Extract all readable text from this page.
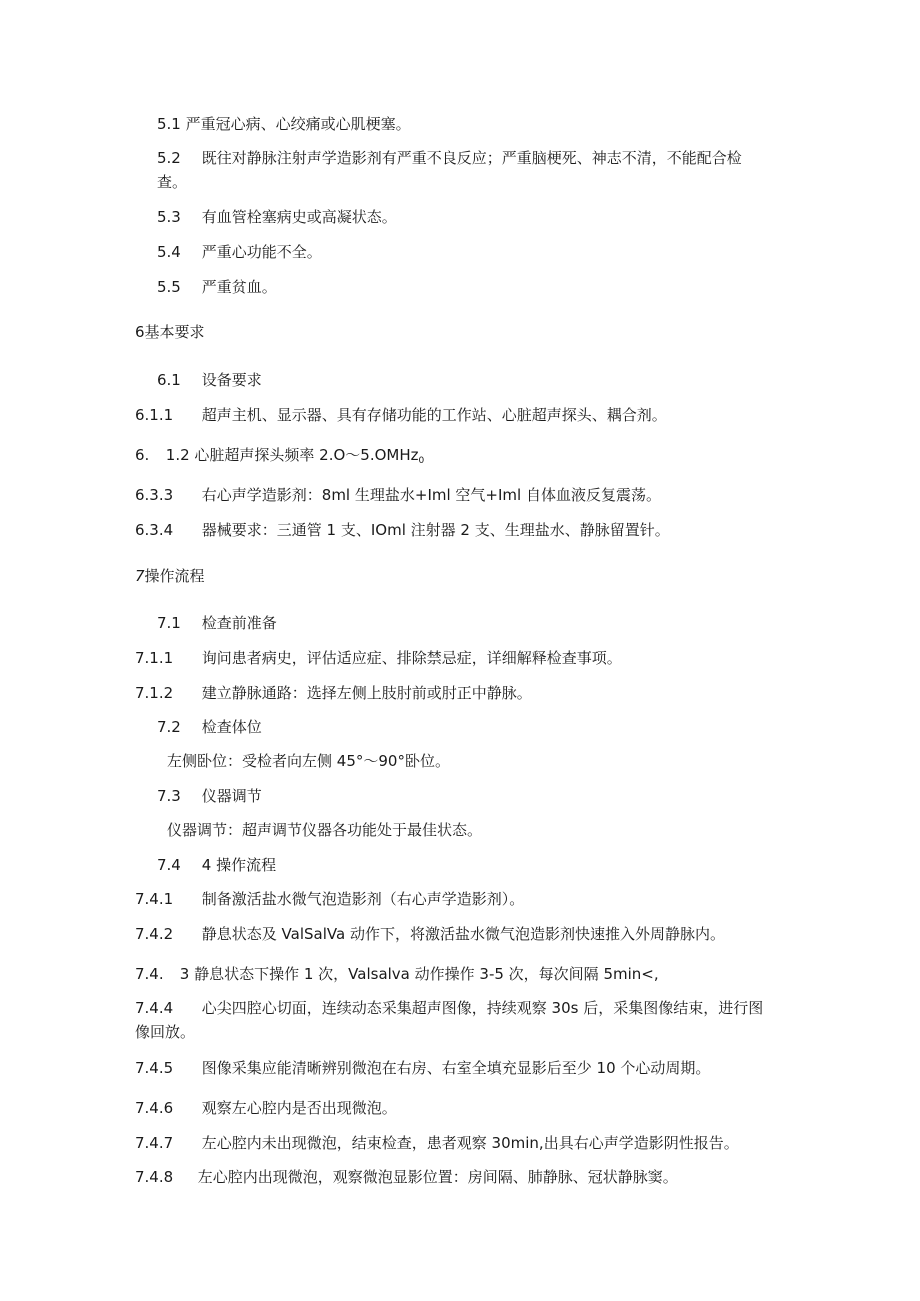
5.1 严重冠心病、心绞痛或心肌梗塞。
5.2 既往对静脉注射声学造影剂有严重不良反应；严重脑梗死、神志不清，不能配合检
查。
5.3 有血管栓塞病史或高凝状态。
5.4 严重心功能不全。
5.5 严重贫血。
6基本要求
6.1 设备要求
6.1.1 超声主机、显示器、具有存储功能的工作站、心脏超声探头、耦合剂。
6. 1.2 心脏超声探头频率 2.O～5.OMHz$_0$
6.3.3 右心声学造影剂：8ml 生理盐水+Iml 空气+Iml 自体血液反复震荡。
6.3.4 器械要求：三通管 1 支、IOml 注射器 2 支、生理盐水、静脉留置针。
7操作流程
7.1 检查前准备
7.1.1 询问患者病史，评估适应症、排除禁忌症，详细解释检查事项。
7.1.2 建立静脉通路：选择左侧上肢肘前或肘正中静脉。
7.2 检查体位
左侧卧位：受检者向左侧 45°～90°卧位。
7.3 仪器调节
仪器调节：超声调节仪器各功能处于最佳状态。
7.4 4 操作流程
7.4.1 制备激活盐水微气泡造影剂（右心声学造影剂）。
7.4.2 静息状态及 ValSalVa 动作下，将激活盐水微气泡造影剂快速推入外周静脉内。
7.4. 3 静息状态下操作 1 次，Valsalva 动作操作 3-5 次，每次间隔 5min<,
7.4.4 心尖四腔心切面，连续动态采集超声图像，持续观察 30s 后，采集图像结束，进行图
像回放。
7.4.5 图像采集应能清晰辨别微泡在右房、右室全填充显影后至少 10 个心动周期。
7.4.6 观察左心腔内是否出现微泡。
7.4.7 左心腔内未出现微泡，结束检查，患者观察 30min,出具右心声学造影阴性报告。
7.4.8 左心腔内出现微泡，观察微泡显影位置：房间隔、肺静脉、冠状静脉窦。
